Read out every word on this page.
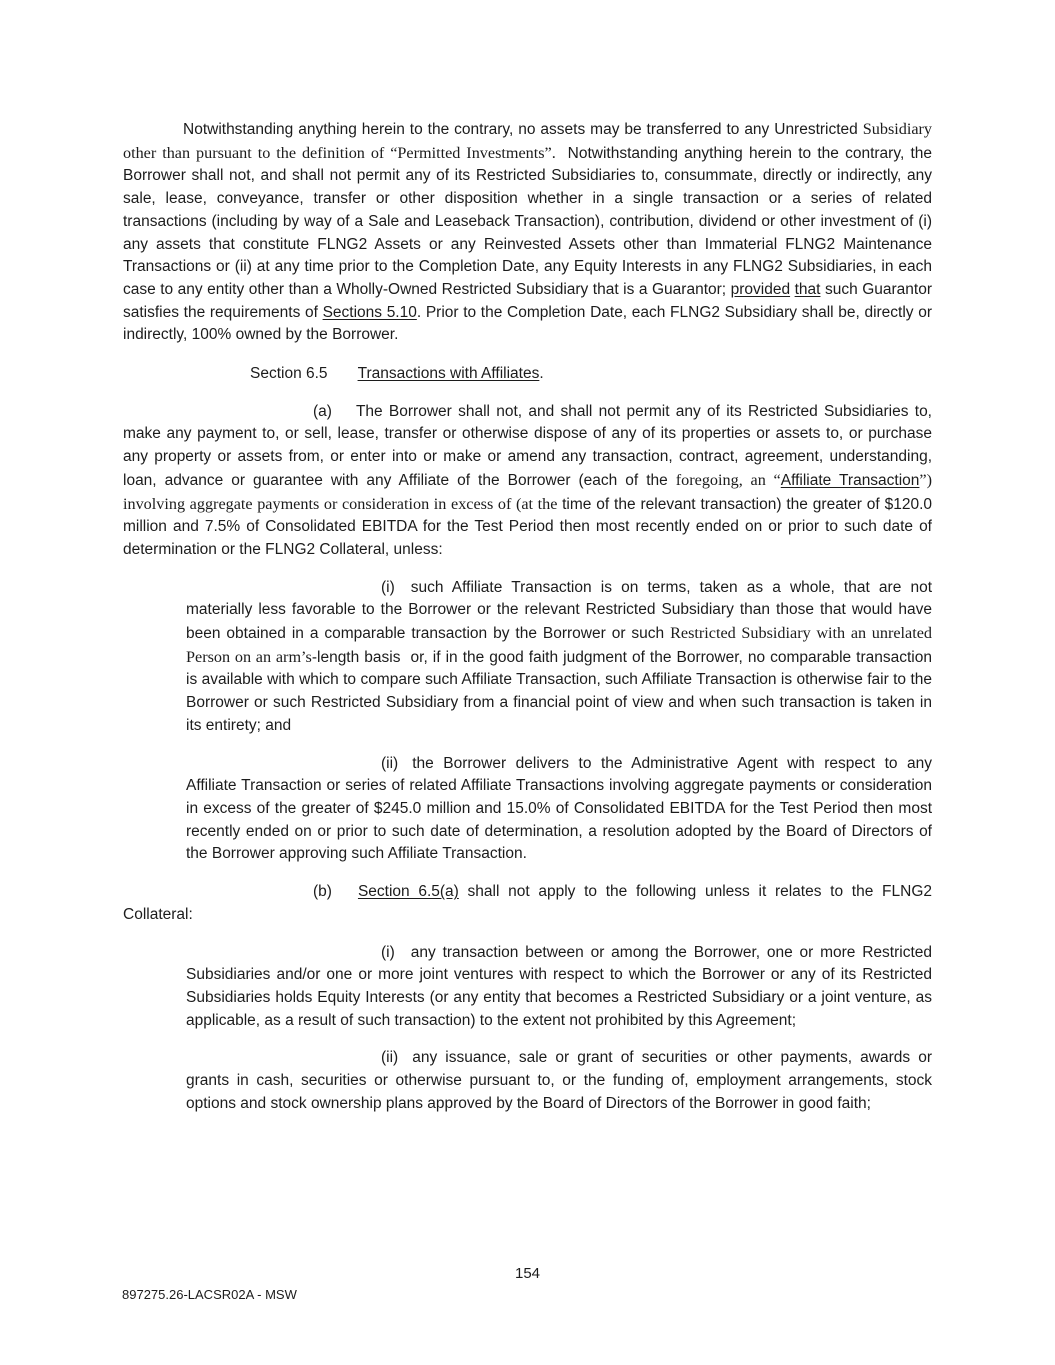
Notwithstanding anything herein to the contrary, no assets may be transferred to any Unrestricted Subsidiary other than pursuant to the definition of “Permitted Investments”.  Notwithstanding anything herein to the contrary, the Borrower shall not, and shall not permit any of its Restricted Subsidiaries to, consummate, directly or indirectly, any sale, lease, conveyance, transfer or other disposition whether in a single transaction or a series of related transactions (including by way of a Sale and Leaseback Transaction), contribution, dividend or other investment of (i) any assets that constitute FLNG2 Assets or any Reinvested Assets other than Immaterial FLNG2 Maintenance Transactions or (ii) at any time prior to the Completion Date, any Equity Interests in any FLNG2 Subsidiaries, in each case to any entity other than a Wholly-Owned Restricted Subsidiary that is a Guarantor; provided that such Guarantor satisfies the requirements of Sections 5.10. Prior to the Completion Date, each FLNG2 Subsidiary shall be, directly or indirectly, 100% owned by the Borrower.

Section 6.5 Transactions with Affiliates.

(a) The Borrower shall not, and shall not permit any of its Restricted Subsidiaries to, make any payment to, or sell, lease, transfer or otherwise dispose of any of its properties or assets to, or purchase any property or assets from, or enter into or make or amend any transaction, contract, agreement, understanding, loan, advance or guarantee with any Affiliate of the Borrower (each of the foregoing, an “Affiliate Transaction”) involving aggregate payments or consideration in excess of (at the time of the relevant transaction) the greater of $120.0 million and 7.5% of Consolidated EBITDA for the Test Period then most recently ended on or prior to such date of determination or the FLNG2 Collateral, unless:

(i) such Affiliate Transaction is on terms, taken as a whole, that are not materially less favorable to the Borrower or the relevant Restricted Subsidiary than those that would have been obtained in a comparable transaction by the Borrower or such Restricted Subsidiary with an unrelated Person on an arm’s-length basis  or, if in the good faith judgment of the Borrower, no comparable transaction is available with which to compare such Affiliate Transaction, such Affiliate Transaction is otherwise fair to the Borrower or such Restricted Subsidiary from a financial point of view and when such transaction is taken in its entirety; and

(ii) the Borrower delivers to the Administrative Agent with respect to any Affiliate Transaction or series of related Affiliate Transactions involving aggregate payments or consideration in excess of the greater of $245.0 million and 15.0% of Consolidated EBITDA for the Test Period then most recently ended on or prior to such date of determination, a resolution adopted by the Board of Directors of the Borrower approving such Affiliate Transaction.

(b) Section 6.5(a) shall not apply to the following unless it relates to the FLNG2 Collateral:

(i) any transaction between or among the Borrower, one or more Restricted Subsidiaries and/or one or more joint ventures with respect to which the Borrower or any of its Restricted Subsidiaries holds Equity Interests (or any entity that becomes a Restricted Subsidiary or a joint venture, as applicable, as a result of such transaction) to the extent not prohibited by this Agreement;

(ii) any issuance, sale or grant of securities or other payments, awards or grants in cash, securities or otherwise pursuant to, or the funding of, employment arrangements, stock options and stock ownership plans approved by the Board of Directors of the Borrower in good faith;

154
897275.26-LACSR02A - MSW
